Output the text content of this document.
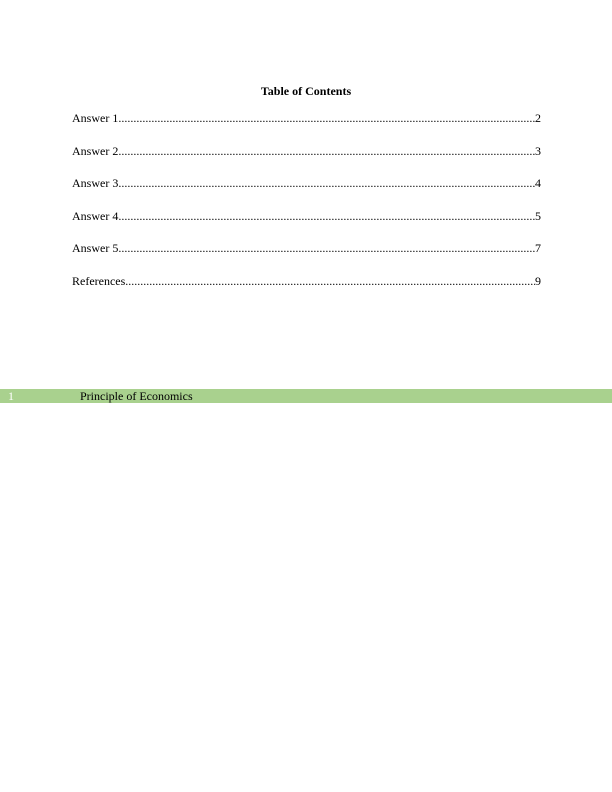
Table of Contents
Answer 1 .....	2
Answer 2 .....	3
Answer 3 .....	4
Answer 4 .....	5
Answer 5 .....	7
References .....	9
1	Principle of Economics
